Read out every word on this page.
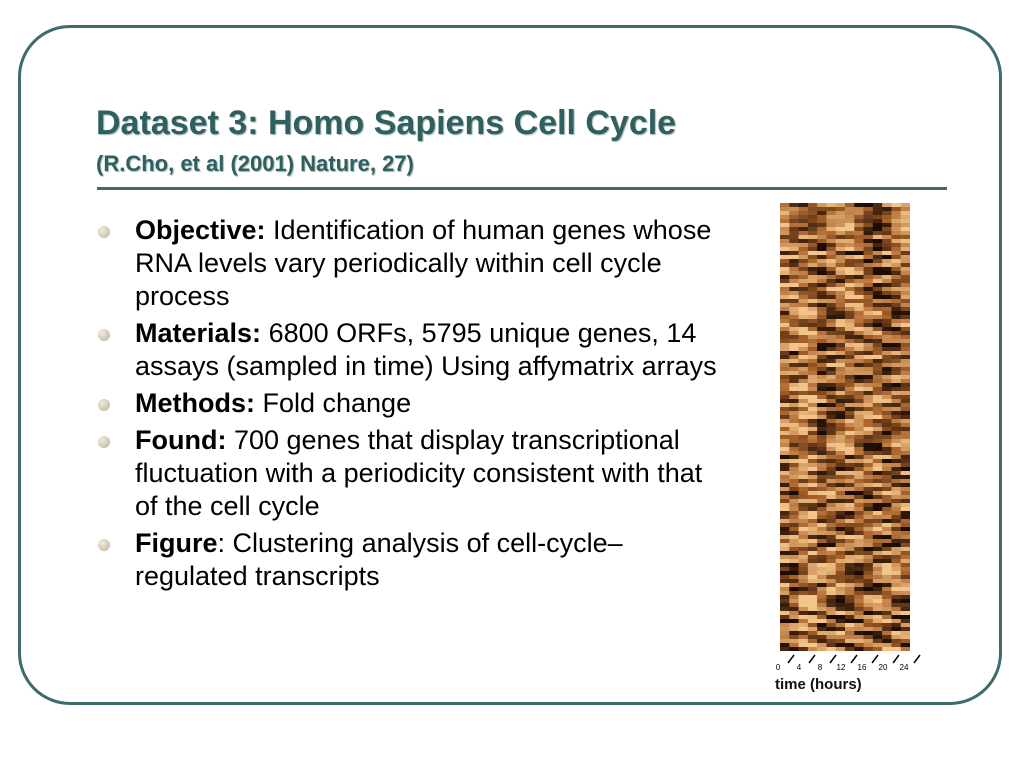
Dataset 3: Homo Sapiens Cell Cycle
(R.Cho, et al (2001) Nature, 27)
Objective: Identification of human genes whose RNA levels vary periodically within cell cycle process
Materials: 6800 ORFs, 5795 unique genes, 14 assays (sampled in time) Using affymatrix arrays
Methods: Fold change
Found: 700 genes that display transcriptional fluctuation with a periodicity consistent with that of the cell cycle
Figure: Clustering analysis of cell-cycle–regulated transcripts
0 4 8 12 16 20 24
time (hours)
